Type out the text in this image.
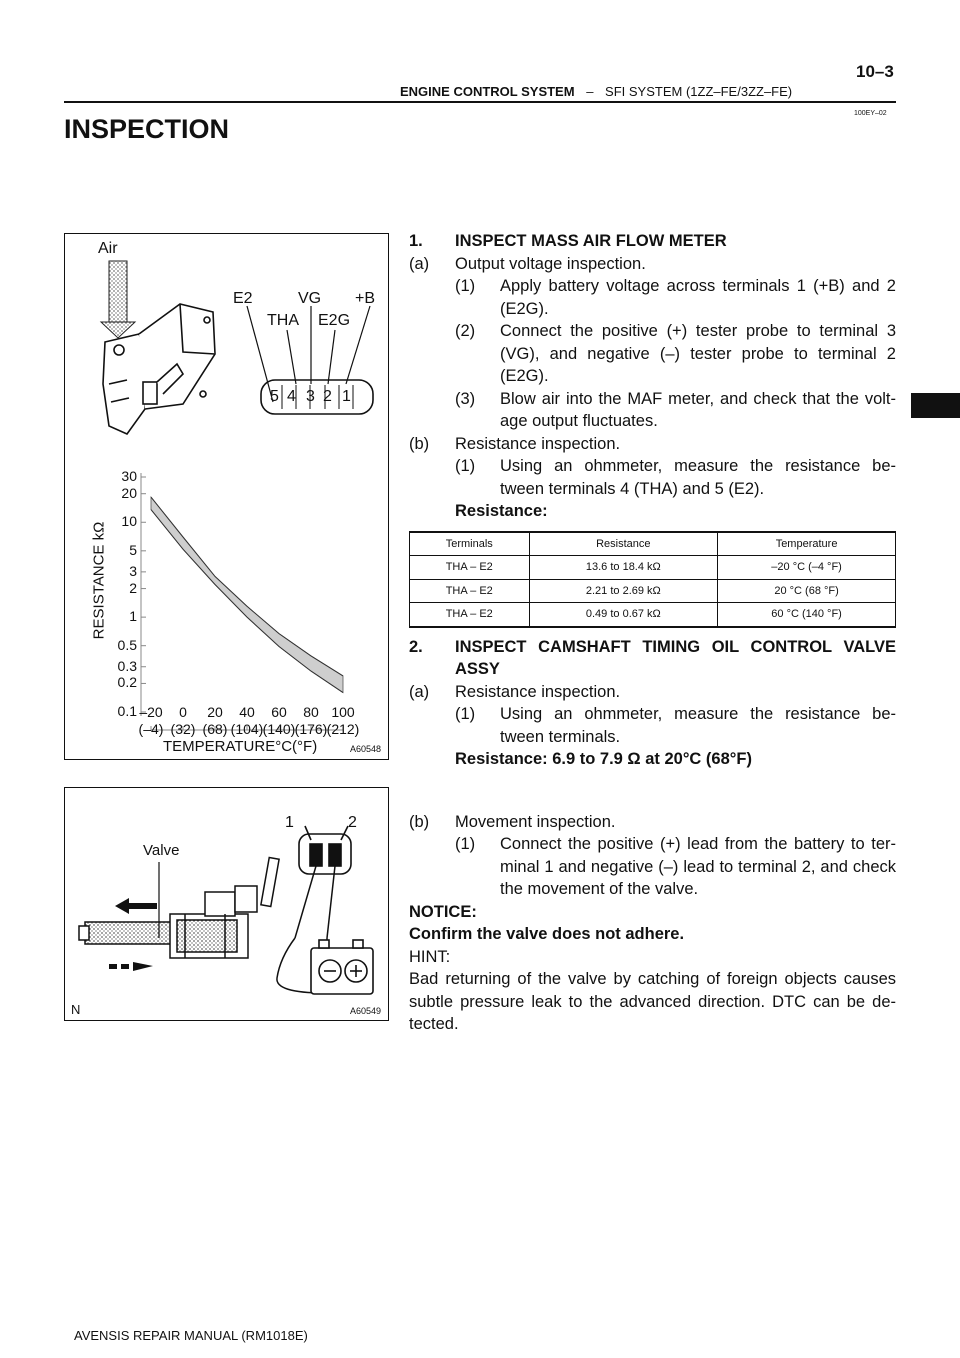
10–3
ENGINE CONTROL SYSTEM – SFI SYSTEM (1ZZ–FE/3ZZ–FE)
100EY–02
INSPECTION
Air
E2	VG +B
THA E2G
5 4 3 2 1
RESISTANCE kΩ
30
20
10
5
3
2
1
0.5
0.3
0.2
0.1 –20
(–4)
0
(32)
20
(68)
40
(104)
60
(140)
80
(176)
100
(212)
TEMPERATURE°C(°F)	A60548
Valve
1	2
N	A60549
1.	INSPECT MASS AIR FLOW METER
(a)	Output voltage inspection.
(1)	Apply battery voltage across terminals 1 (+B) and 2 (E2G).
(2)	Connect the positive (+) tester probe to terminal 3 (VG), and negative (–) tester probe to terminal 2 (E2G).
(3)	Blow air into the MAF meter, and check that the volt- age output fluctuates.
(b)	Resistance inspection.
(1)	Using an ohmmeter, measure the resistance be- tween terminals 4 (THA) and 5 (E2).
Resistance:
Terminals	Resistance	Temperature
THA – E2	13.6 to 18.4 kΩ	–20 °C (–4 °F)
THA – E2	2.21 to 2.69 kΩ	20 °C (68 °F)
THA – E2	0.49 to 0.67 kΩ	60 °C (140 °F)
2.	INSPECT CAMSHAFT TIMING OIL CONTROL VALVE ASSY
(a)	Resistance inspection.
(1)	Using an ohmmeter, measure the resistance be- tween terminals.
Resistance: 6.9 to 7.9 Ω at 20°C (68°F)
(b)	Movement inspection.
(1)	Connect the positive (+) lead from the battery to ter- minal 1 and negative (–) lead to terminal 2, and check the movement of the valve.
NOTICE:
Confirm the valve does not adhere.
HINT:
Bad returning of the valve by catching of foreign objects causes subtle pressure leak to the advanced direction. DTC can be de- tected.
AVENSIS REPAIR MANUAL (RM1018E)
